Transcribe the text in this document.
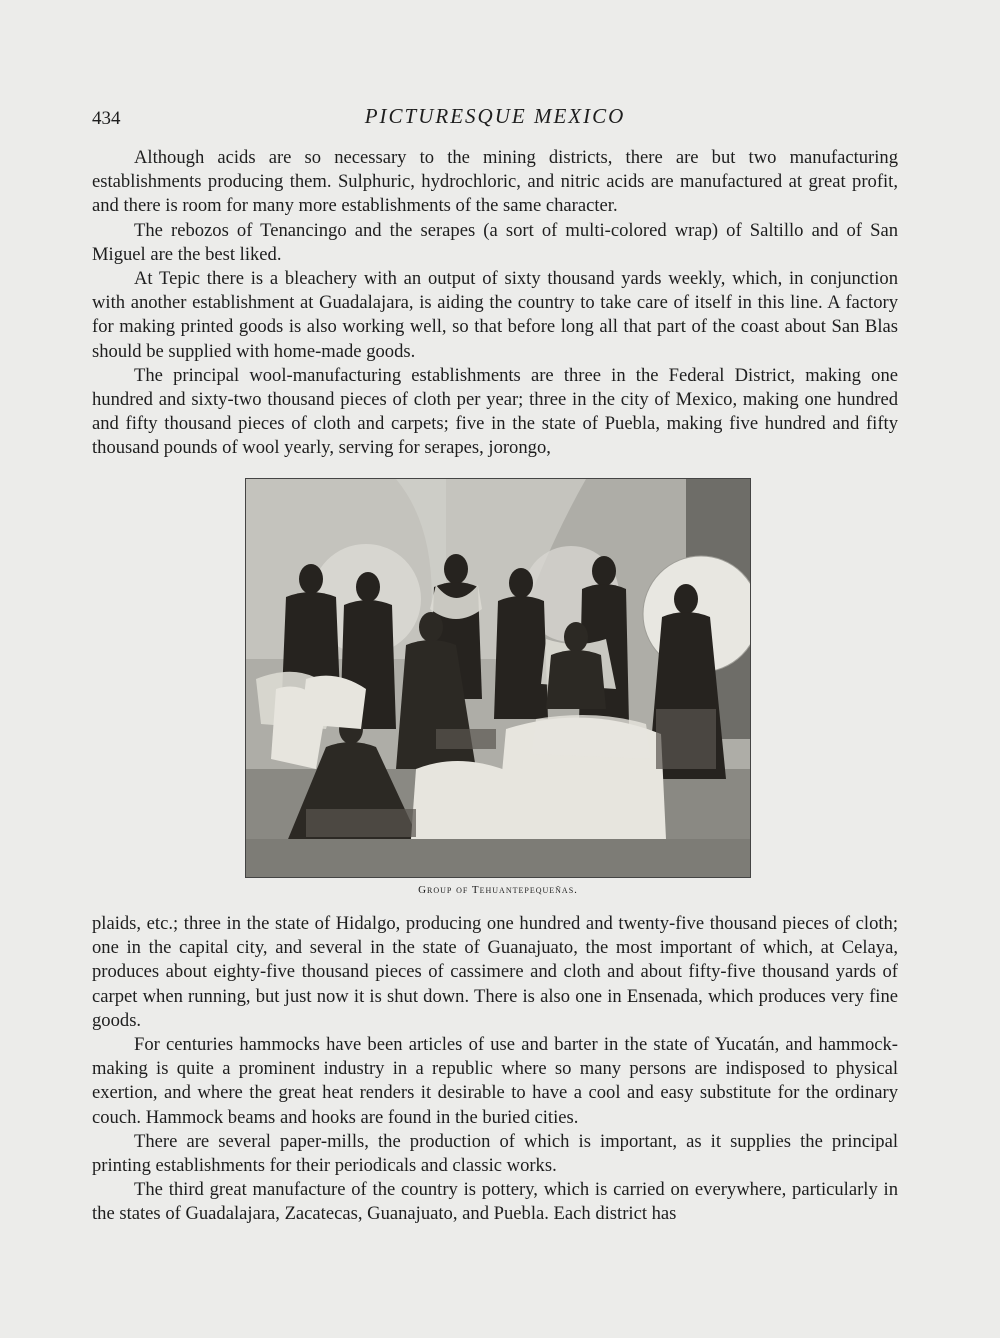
434	PICTURESQUE MEXICO

Although acids are so necessary to the mining districts, there are but two manufacturing establishments producing them. Sulphuric, hydrochloric, and nitric acids are manufactured at great profit, and there is room for many more establishments of the same character.

The rebozos of Tenancingo and the serapes (a sort of multi-colored wrap) of Saltillo and of San Miguel are the best liked.

At Tepic there is a bleachery with an output of sixty thousand yards weekly, which, in conjunction with another establishment at Guadalajara, is aiding the country to take care of itself in this line. A factory for making printed goods is also working well, so that before long all that part of the coast about San Blas should be supplied with home-made goods.

The principal wool-manufacturing establishments are three in the Federal District, making one hundred and sixty-two thousand pieces of cloth per year; three in the city of Mexico, making one hundred and fifty thousand pieces of cloth and carpets; five in the state of Puebla, making five hundred and fifty thousand pounds of wool yearly, serving for serapes, jorongo,

Group of Tehuantepequeñas.

plaids, etc.; three in the state of Hidalgo, producing one hundred and twenty-five thousand pieces of cloth; one in the capital city, and several in the state of Guanajuato, the most important of which, at Celaya, produces about eighty-five thousand pieces of cassimere and cloth and about fifty-five thousand yards of carpet when running, but just now it is shut down. There is also one in Ensenada, which produces very fine goods.

For centuries hammocks have been articles of use and barter in the state of Yucatán, and hammock-making is quite a prominent industry in a republic where so many persons are indisposed to physical exertion, and where the great heat renders it desirable to have a cool and easy substitute for the ordinary couch. Hammock beams and hooks are found in the buried cities.

There are several paper-mills, the production of which is important, as it supplies the principal printing establishments for their periodicals and classic works.

The third great manufacture of the country is pottery, which is carried on everywhere, particularly in the states of Guadalajara, Zacatecas, Guanajuato, and Puebla. Each district has
